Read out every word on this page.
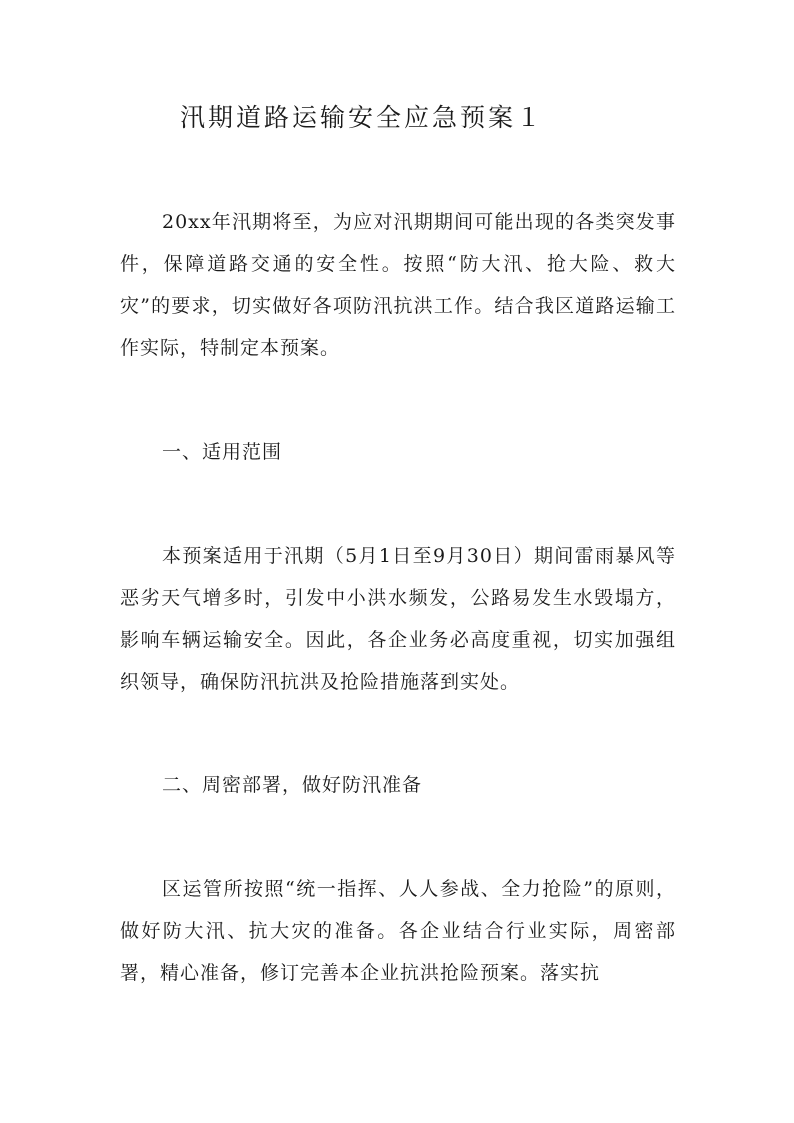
汛期道路运输安全应急预案１
20xx年汛期将至，为应对汛期期间可能出现的各类突发事件，保障道路交通的安全性。按照“防大汛、抢大险、救大灾”的要求，切实做好各项防汛抗洪工作。结合我区道路运输工作实际，特制定本预案。
一、适用范围
本预案适用于汛期（5月1日至9月30日）期间雷雨暴风等恶劣天气增多时，引发中小洪水频发，公路易发生水毁塌方，影响车辆运输安全。因此，各企业务必高度重视，切实加强组织领导，确保防汛抗洪及抢险措施落到实处。
二、周密部署，做好防汛准备
区运管所按照“统一指挥、人人参战、全力抢险”的原则，做好防大汛、抗大灾的准备。各企业结合行业实际，周密部署，精心准备，修订完善本企业抗洪抢险预案。落实抗
